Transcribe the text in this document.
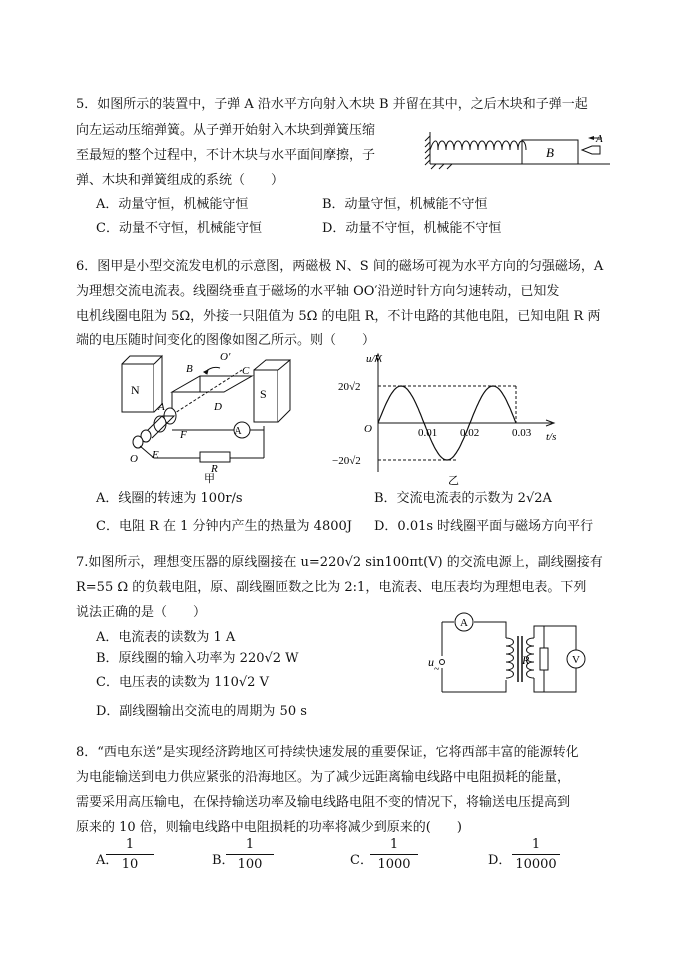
5．如图所示的装置中，子弹 A 沿水平方向射入木块 B 并留在其中，之后木块和子弹一起
向左运动压缩弹簧。从子弹开始射入木块到弹簧压缩
至最短的整个过程中，不计木块与水平面间摩擦，子
弹、木块和弹簧组成的系统（　　）
A．动量守恒，机械能守恒	B．动量守恒，机械能不守恒
C．动量不守恒，机械能守恒	D．动量不守恒，机械能不守恒
B
A
6．图甲是小型交流发电机的示意图，两磁极 N、S 间的磁场可视为水平方向的匀强磁场，A
为理想交流电流表。线圈绕垂直于磁场的水平轴 OO′沿逆时针方向匀速转动，已知发
电机线圈电阻为 5Ω，外接一只阻值为 5Ω 的电阻 R，不计电路的其他电阻，已知电阻 R 两
端的电压随时间变化的图像如图乙所示。则（　　）
N	S
O′
B	C
A	D
F	A
R
O E
甲
u/V
t/s
O
20√2
−20√2
0.01 0.02	0.03
乙
A．线圈的转速为 100r/s	B．交流电流表的示数为 2√2A
C．电阻 R 在 1 分钟内产生的热量为 4800J D．0.01s 时线圈平面与磁场方向平行
7.如图所示，理想变压器的原线圈接在 u=220√2 sin100πt(V) 的交流电源上，副线圈接有
R=55 Ω 的负载电阻，原、副线圈匝数之比为 2:1，电流表、电压表均为理想电表。下列
说法正确的是（　　）
A．电流表的读数为 1 A
B．原线圈的输入功率为 220√2 W
C．电压表的读数为 110√2 V
D．副线圈输出交流电的周期为 50 s
A
V
u
~
R
8．“西电东送”是实现经济跨地区可持续快速发展的重要保证，它将西部丰富的能源转化
为电能输送到电力供应紧张的沿海地区。为了减少远距离输电线路中电阻损耗的能量，
需要采用高压输电，在保持输送功率及输电线路电阻不变的情况下，将输送电压提高到
原来的 10 倍，则输电线路中电阻损耗的功率将减少到原来的(　　)
A．
1
10	B．
1
100	C．
1
1000	D．
1
10000
